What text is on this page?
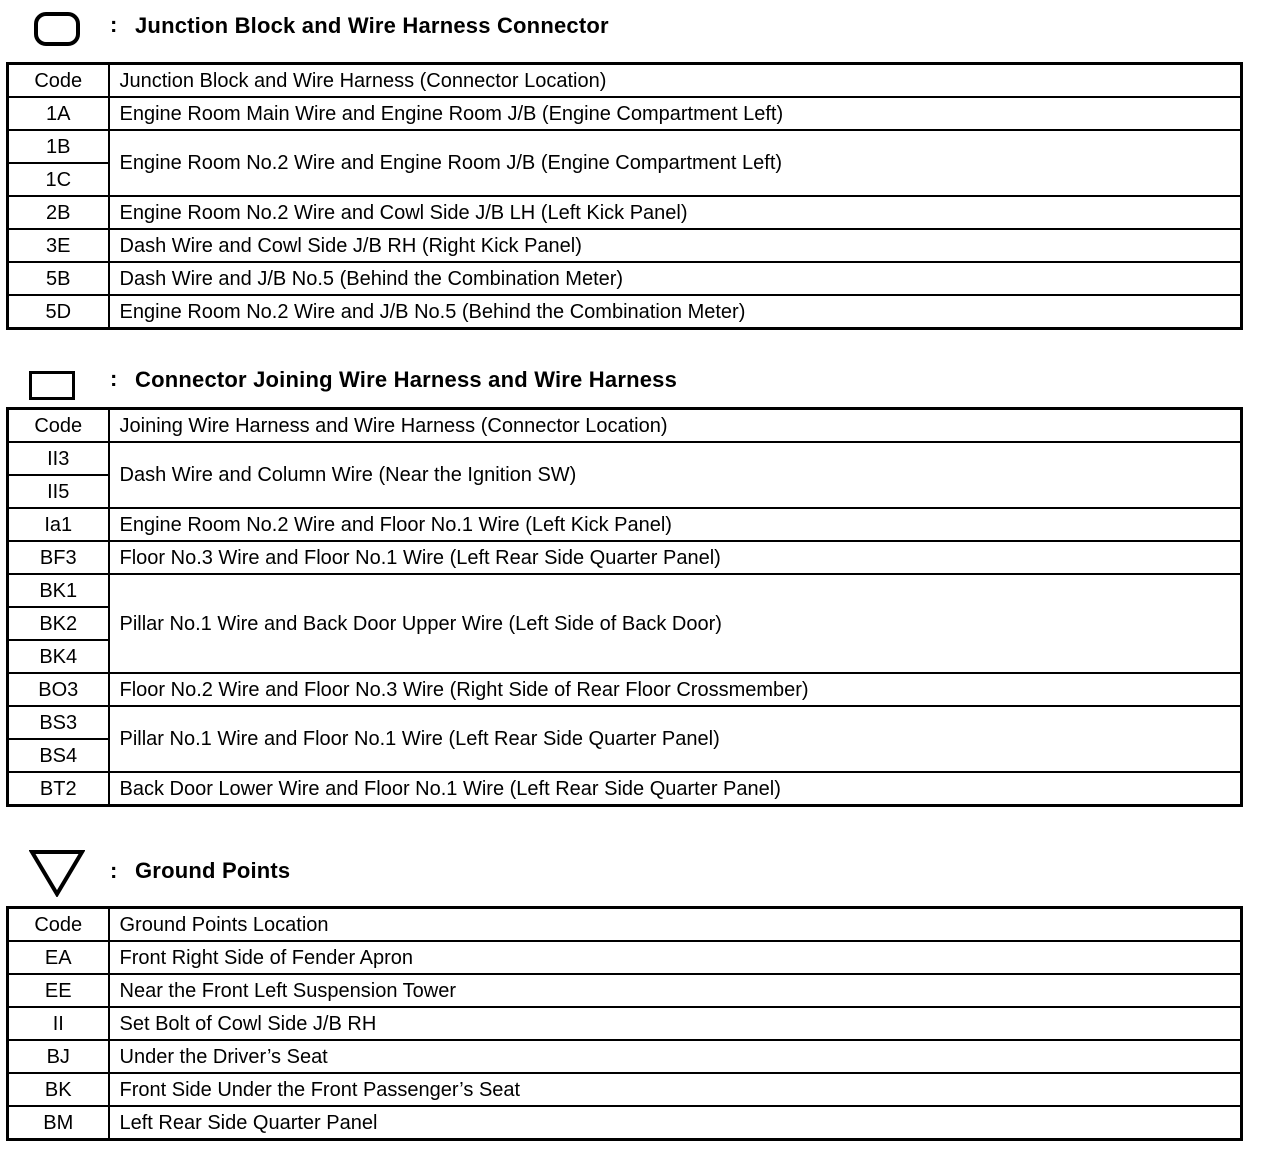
: Junction Block and Wire Harness Connector
Code	Junction Block and Wire Harness (Connector Location)
1A	Engine Room Main Wire and Engine Room J/B (Engine Compartment Left)
1B	Engine Room No.2 Wire and Engine Room J/B (Engine Compartment Left)
1C	
2B	Engine Room No.2 Wire and Cowl Side J/B LH (Left Kick Panel)
3E	Dash Wire and Cowl Side J/B RH (Right Kick Panel)
5B	Dash Wire and J/B No.5 (Behind the Combination Meter)
5D	Engine Room No.2 Wire and J/B No.5 (Behind the Combination Meter)
: Connector Joining Wire Harness and Wire Harness
Code	Joining Wire Harness and Wire Harness (Connector Location)
II3	Dash Wire and Column Wire (Near the Ignition SW)
II5	
Ia1	Engine Room No.2 Wire and Floor No.1 Wire (Left Kick Panel)
BF3	Floor No.3 Wire and Floor No.1 Wire (Left Rear Side Quarter Panel)
BK1	Pillar No.1 Wire and Back Door Upper Wire (Left Side of Back Door)
BK2	
BK4	
BO3	Floor No.2 Wire and Floor No.3 Wire (Right Side of Rear Floor Crossmember)
BS3	Pillar No.1 Wire and Floor No.1 Wire (Left Rear Side Quarter Panel)
BS4	
BT2	Back Door Lower Wire and Floor No.1 Wire (Left Rear Side Quarter Panel)
: Ground Points
Code	Ground Points Location
EA	Front Right Side of Fender Apron
EE	Near the Front Left Suspension Tower
II	Set Bolt of Cowl Side J/B RH
BJ	Under the Driver’s Seat
BK	Front Side Under the Front Passenger’s Seat
BM	Left Rear Side Quarter Panel
